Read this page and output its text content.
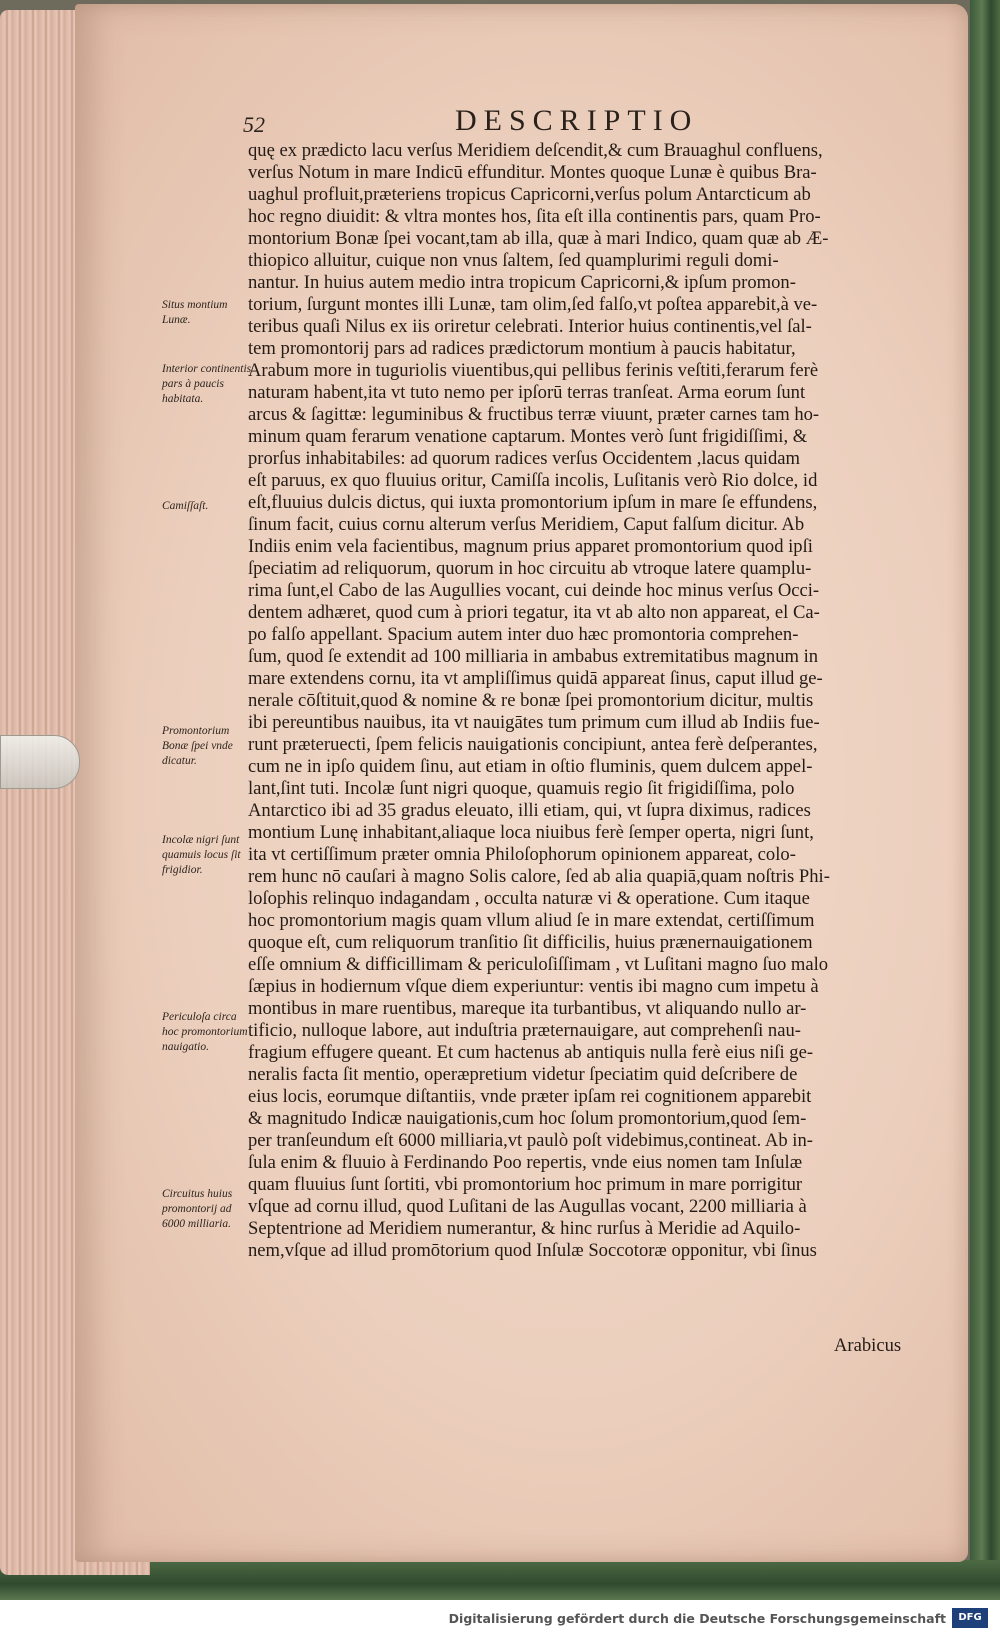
52	DESCRIPTIO
Situs montium Lunæ.
Interior continentis pars à paucis habitata.
Camiſſaſt.
Promontorium Bonæ ſpei vnde dicatur.
Incolæ nigri ſunt quamuis locus ſit frigidior.
Periculoſa circa hoc promontorium nauigatio.
Circuitus huius promontorij ad 6000 milliaria.
quę ex prædicto lacu verſus Meridiem deſcendit,& cum Brauaghul confluens,
verſus Notum in mare Indicū effunditur. Montes quoque Lunæ è quibus Bra-
uaghul profluit,præteriens tropicus Capricorni,verſus polum Antarcticum ab
hoc regno diuidit: & vltra montes hos, ſita eſt illa continentis pars, quam Pro-
montorium Bonæ ſpei vocant,tam ab illa, quæ à mari Indico, quam quæ ab Æ-
thiopico alluitur, cuique non vnus ſaltem, ſed quamplurimi reguli domi-
nantur. In huius autem medio intra tropicum Capricorni,& ipſum promon-
torium, ſurgunt montes illi Lunæ, tam olim,ſed falſo,vt poſtea apparebit,à ve-
teribus quaſi Nilus ex iis oriretur celebrati. Interior huius continentis,vel ſal-
tem promontorij pars ad radices prædictorum montium à paucis habitatur,
Arabum more in tuguriolis viuentibus,qui pellibus ferinis veſtiti,ferarum ferè
naturam habent,ita vt tuto nemo per ipſorū terras tranſeat. Arma eorum ſunt
arcus & ſagittæ: leguminibus & fructibus terræ viuunt, præter carnes tam ho-
minum quam ferarum venatione captarum. Montes verò ſunt frigidiſſimi, &
prorſus inhabitabiles: ad quorum radices verſus Occidentem ,lacus quidam
eſt paruus, ex quo fluuius oritur, Camiſſa incolis, Luſitanis verò Rio dolce, id
eſt,fluuius dulcis dictus, qui iuxta promontorium ipſum in mare ſe effundens,
ſinum facit, cuius cornu alterum verſus Meridiem, Caput falſum dicitur. Ab
Indiis enim vela facientibus, magnum prius apparet promontorium quod ipſi
ſpeciatim ad reliquorum, quorum in hoc circuitu ab vtroque latere quamplu-
rima ſunt,el Cabo de las Augullies vocant, cui deinde hoc minus verſus Occi-
dentem adhæret, quod cum à priori tegatur, ita vt ab alto non appareat, el Ca-
po falſo appellant. Spacium autem inter duo hæc promontoria comprehen-
ſum, quod ſe extendit ad 100 milliaria in ambabus extremitatibus magnum in
mare extendens cornu, ita vt ampliſſimus quidā appareat ſinus, caput illud ge-
nerale cōſtituit,quod & nomine & re bonæ ſpei promontorium dicitur, multis
ibi pereuntibus nauibus, ita vt nauigātes tum primum cum illud ab Indiis fue-
runt præteruecti, ſpem felicis nauigationis concipiunt, antea ferè deſperantes,
cum ne in ipſo quidem ſinu, aut etiam in oſtio fluminis, quem dulcem appel-
lant,ſint tuti. Incolæ ſunt nigri quoque, quamuis regio ſit frigidiſſima, polo
Antarctico ibi ad 35 gradus eleuato, illi etiam, qui, vt ſupra diximus, radices
montium Lunę inhabitant,aliaque loca niuibus ferè ſemper operta, nigri ſunt,
ita vt certiſſimum præter omnia Philoſophorum opinionem appareat, colo-
rem hunc nō cauſari à magno Solis calore, ſed ab alia quapiā,quam noſtris Phi-
loſophis relinquo indagandam , occulta naturæ vi & operatione. Cum itaque
hoc promontorium magis quam vllum aliud ſe in mare extendat, certiſſimum
quoque eſt, cum reliquorum tranſitio ſit difficilis, huius prænernauigationem
eſſe omnium & difficillimam & periculoſiſſimam , vt Luſitani magno ſuo malo
ſæpius in hodiernum vſque diem experiuntur: ventis ibi magno cum impetu à
montibus in mare ruentibus, mareque ita turbantibus, vt aliquando nullo ar-
tificio, nulloque labore, aut induſtria præternauigare, aut comprehenſi nau-
fragium effugere queant. Et cum hactenus ab antiquis nulla ferè eius niſi ge-
neralis facta ſit mentio, operæpretium videtur ſpeciatim quid deſcribere de
eius locis, eorumque diſtantiis, vnde præter ipſam rei cognitionem apparebit
& magnitudo Indicæ nauigationis,cum hoc ſolum promontorium,quod ſem-
per tranſeundum eſt 6000 milliaria,vt paulò poſt videbimus,contineat. Ab in-
ſula enim & fluuio à Ferdinando Poo repertis, vnde eius nomen tam Inſulæ
quam fluuius ſunt ſortiti, vbi promontorium hoc primum in mare porrigitur
vſque ad cornu illud, quod Luſitani de las Augullas vocant, 2200 milliaria à
Septentrione ad Meridiem numerantur, & hinc rurſus à Meridie ad Aquilo-
nem,vſque ad illud promōtorium quod Inſulæ Soccotoræ opponitur, vbi ſinus
Arabicus
Digitalisierung gefördert durch die Deutsche Forschungsgemeinschaft	DFG
